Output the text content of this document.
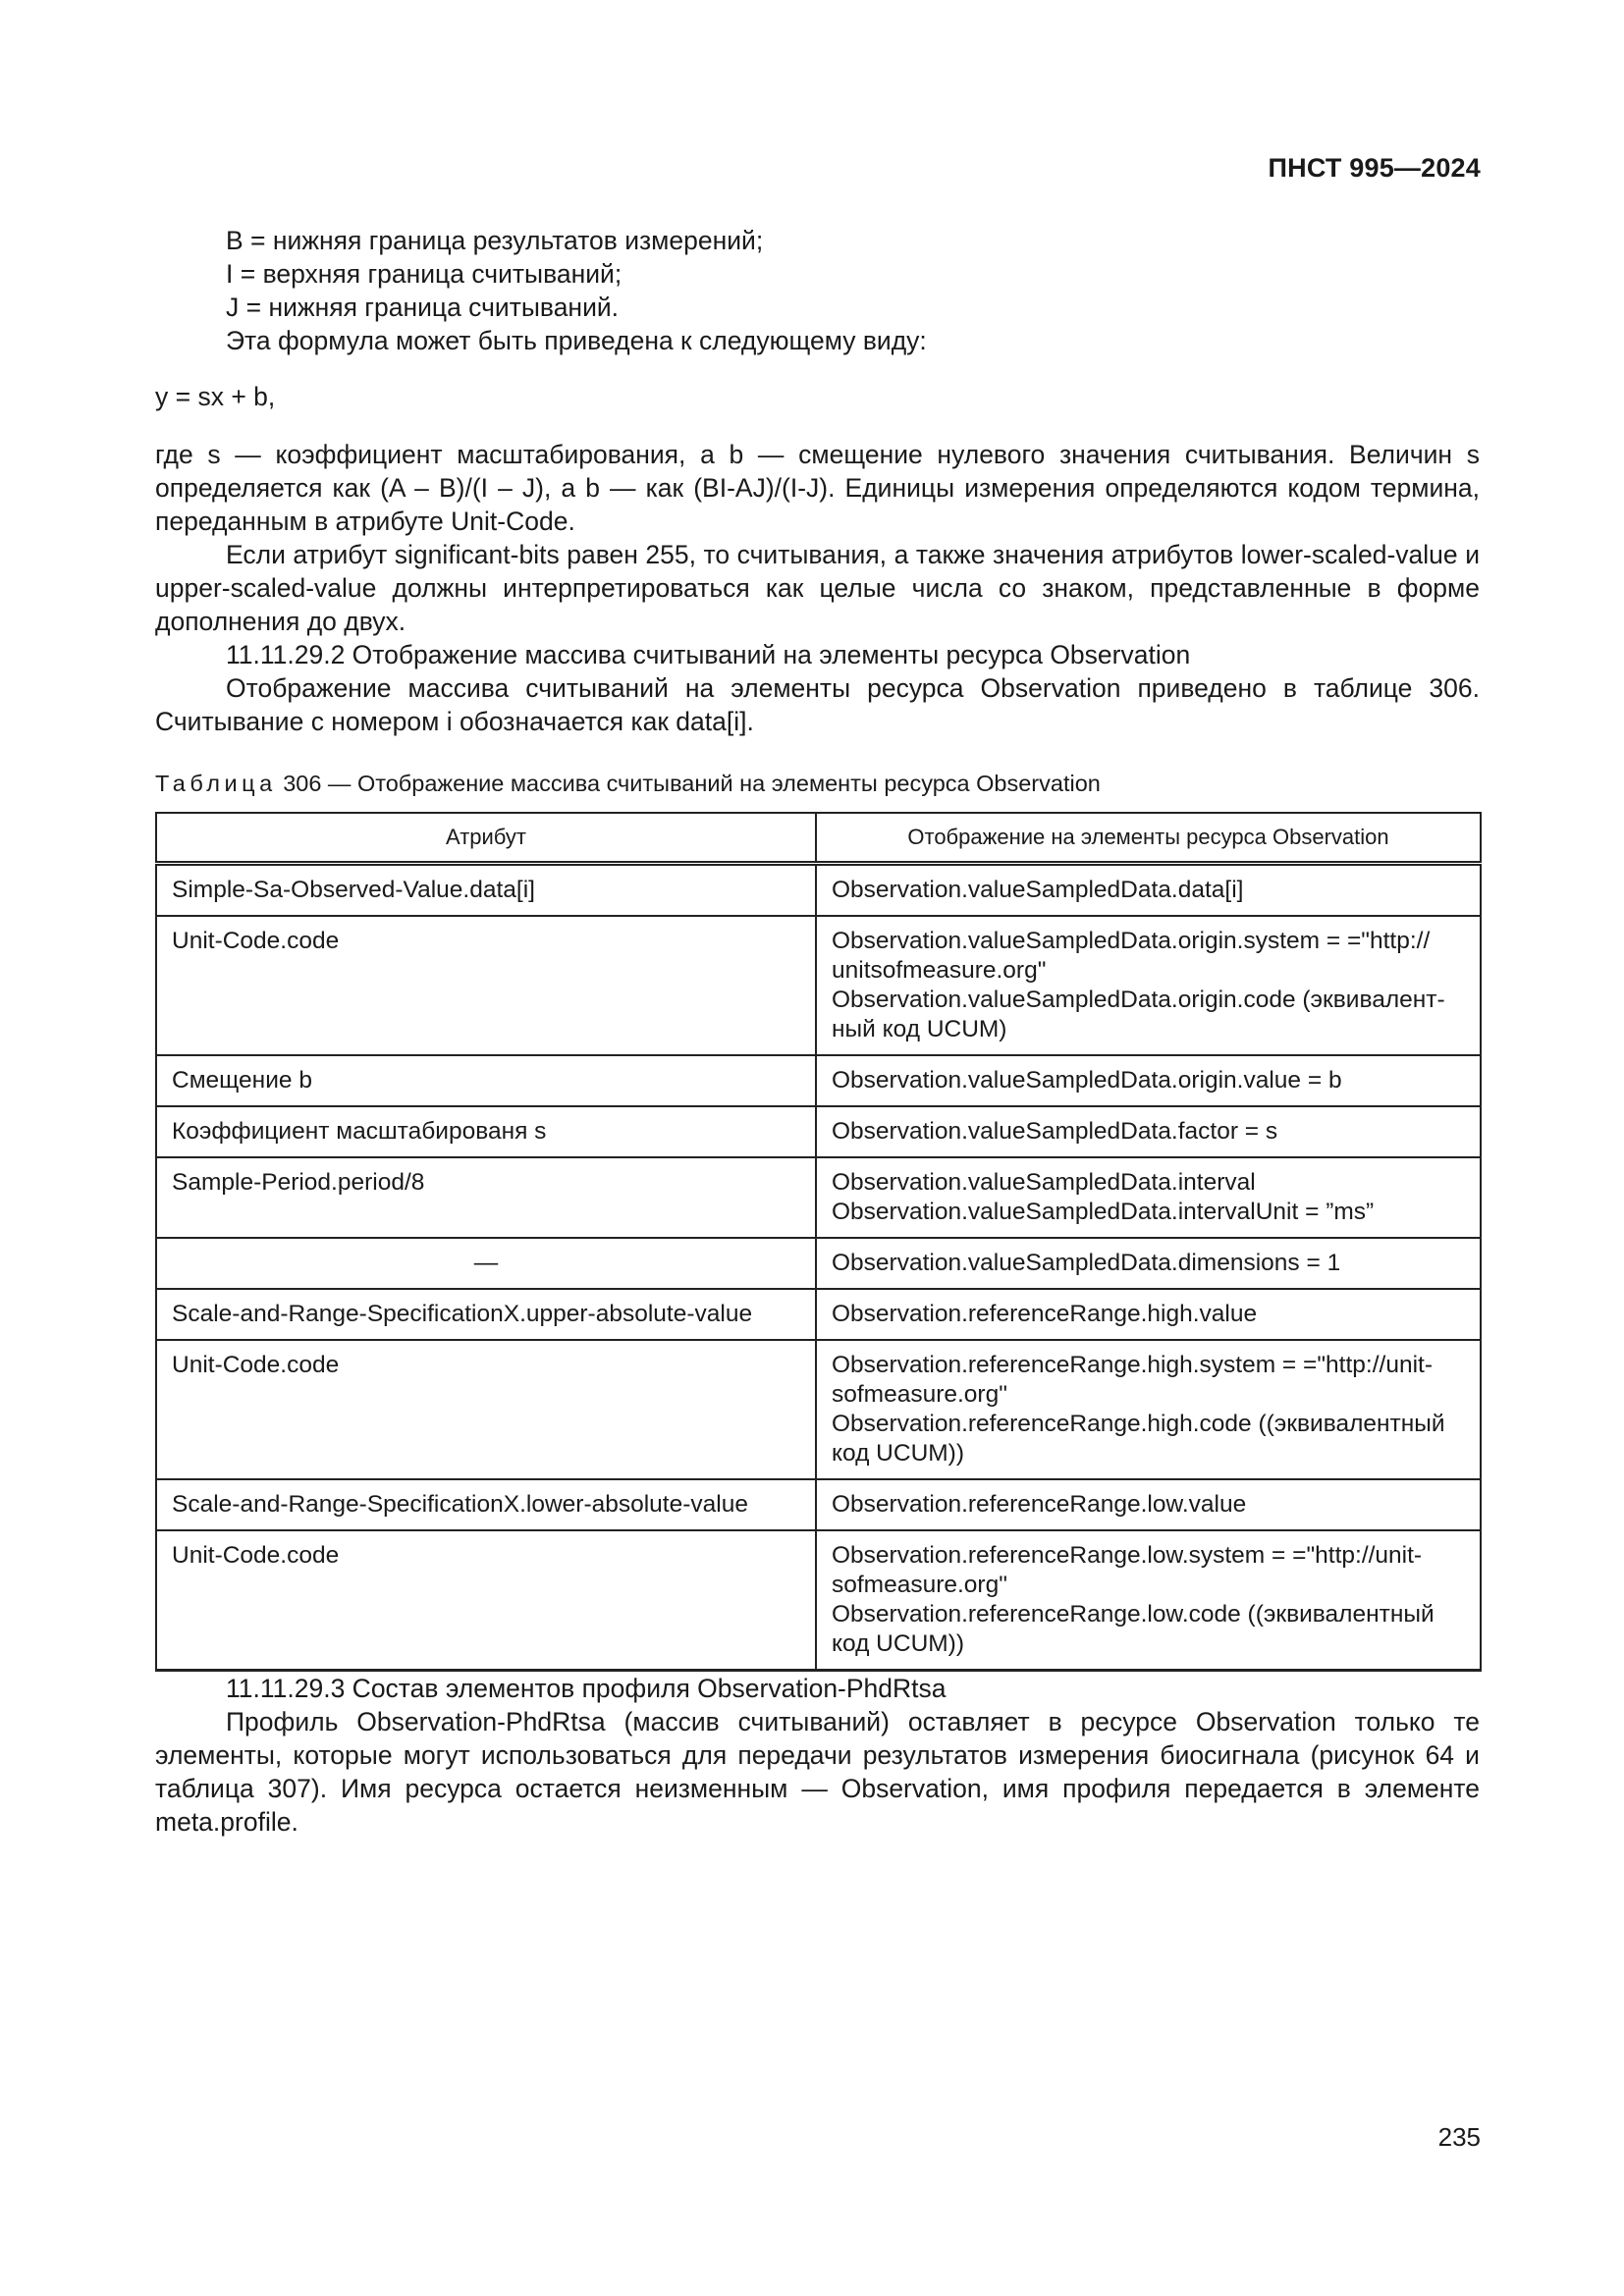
ПНСТ 995—2024

B = нижняя граница результатов измерений;

I = верхняя граница считываний;

J = нижняя граница считываний.

Эта формула может быть приведена к следующему виду:

y = sx + b,

где s — коэффициент масштабирования, а b — смещение нулевого значения считывания. Величин s определяется как (A – B)/(I – J), а b — как (BI-AJ)/(I-J). Единицы измерения определяются кодом термина, переданным в атрибуте Unit-Code.

Если атрибут significant-bits равен 255, то считывания, а также значения атрибутов lower-scaled-value и upper-scaled-value должны интерпретироваться как целые числа со знаком, представленные в форме дополнения до двух.

11.11.29.2 Отображение массива считываний на элементы ресурса Observation

Отображение массива считываний на элементы ресурса Observation приведено в таблице 306. Считывание с номером i обозначается как data[i].

Таблица 306 — Отображение массива считываний на элементы ресурса Observation

Атрибут	Отображение на элементы ресурса Observation
Simple-Sa-Observed-Value.data[i]	Observation.valueSampledData.data[i]

Unit-Code.code	Observation.valueSampledData.origin.system = ="http://
unitsofmeasure.org"
Observation.valueSampledData.origin.code (эквивалент-
ный код UCUM)

Смещение b	Observation.valueSampledData.origin.value = b

Коэффициент масштабированя s	Observation.valueSampledData.factor = s

Sample-Period.period/8	Observation.valueSampledData.interval
Observation.valueSampledData.intervalUnit = ”ms”

—	Observation.valueSampledData.dimensions = 1

Scale-and-Range-SpecificationX.upper-absolute-value	Observation.referenceRange.high.value

Unit-Code.code	Observation.referenceRange.high.system = ="http://unit-
sofmeasure.org"
Observation.referenceRange.high.code ((эквивалентный
код UCUM))

Scale-and-Range-SpecificationX.lower-absolute-value	Observation.referenceRange.low.value

Unit-Code.code	Observation.referenceRange.low.system = ="http://unit-
sofmeasure.org"
Observation.referenceRange.low.code ((эквивалентный
код UCUM))

11.11.29.3 Состав элементов профиля Observation-PhdRtsa

Профиль Observation-PhdRtsa (массив считываний) оставляет в ресурсе Observation только те элементы, которые могут использоваться для передачи результатов измерения биосигнала (рисунок 64 и таблица 307). Имя ресурса остается неизменным — Observation, имя профиля передается в элементе meta.profile.

235
